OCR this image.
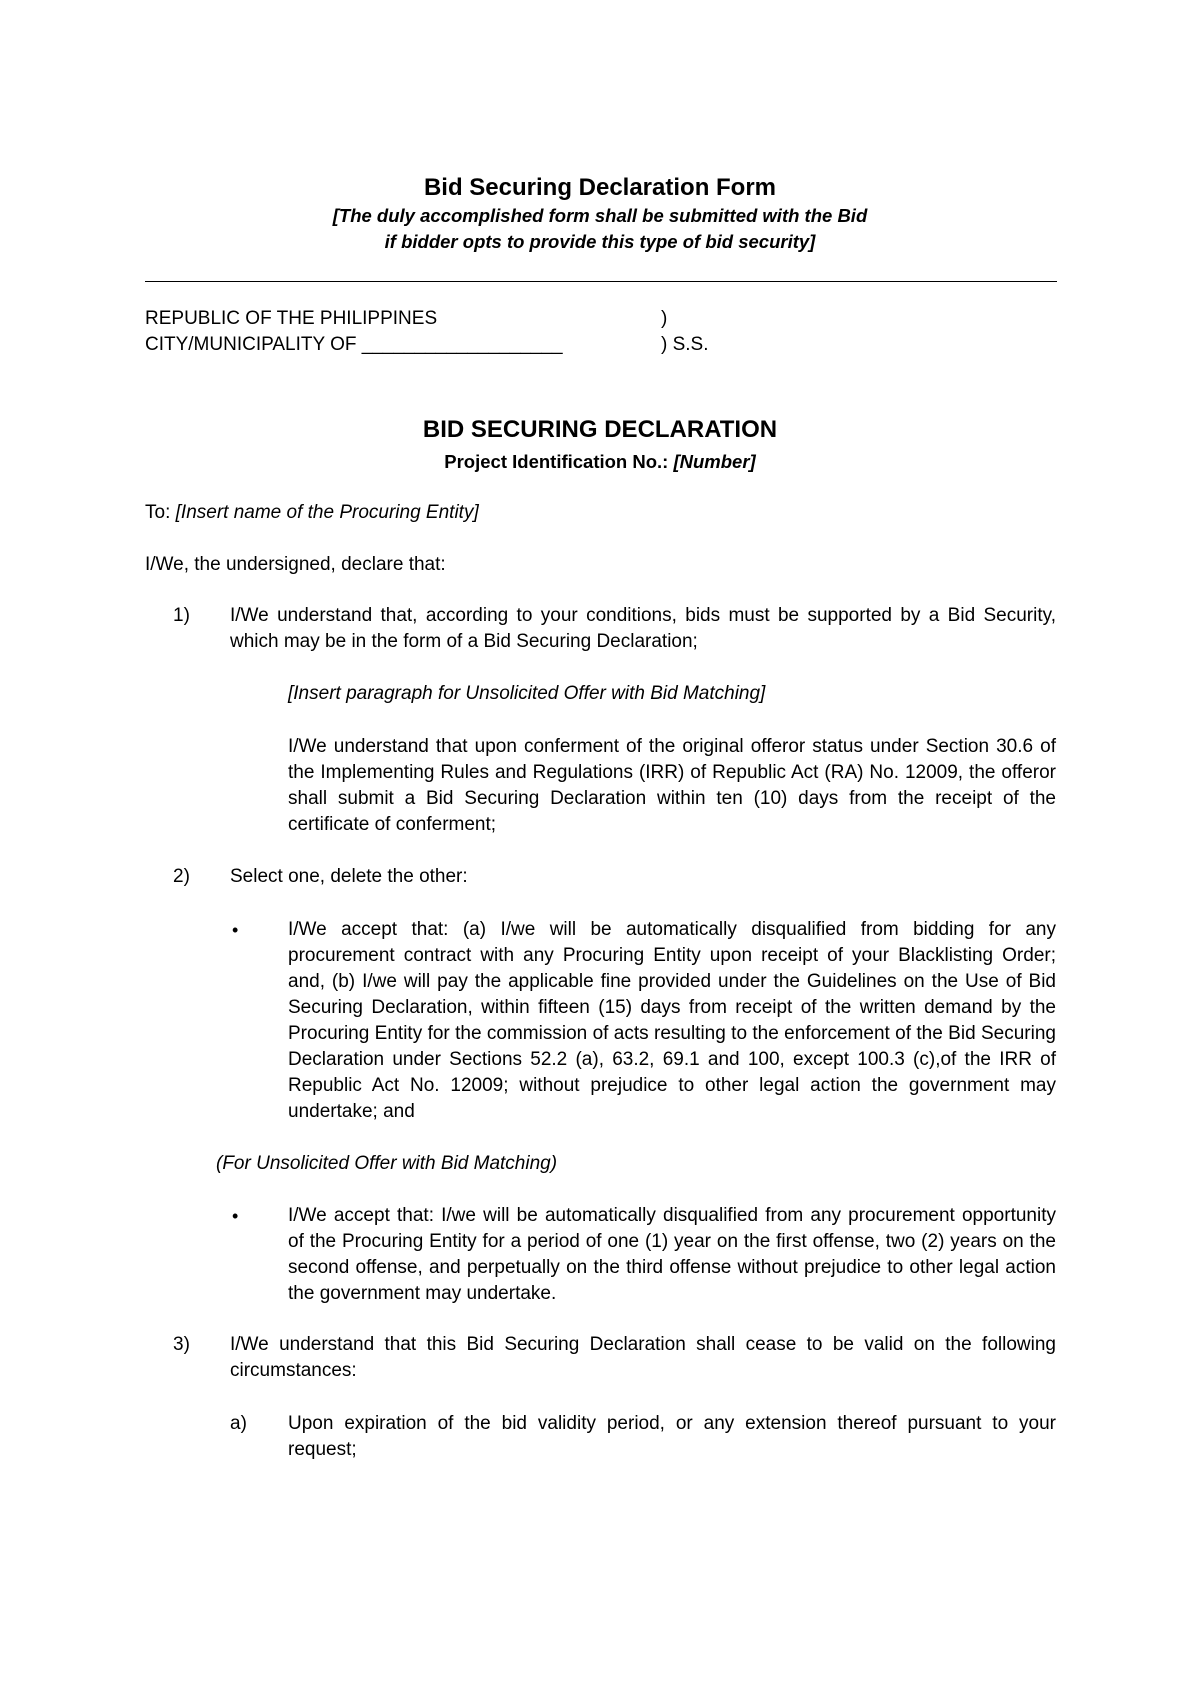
Bid Securing Declaration Form
[The duly accomplished form shall be submitted with the Bid
if bidder opts to provide this type of bid security]
REPUBLIC OF THE PHILIPPINES	)
CITY/MUNICIPALITY OF ___________________	) S.S.
BID SECURING DECLARATION
Project Identification No.: [Number]
To: [Insert name of the Procuring Entity]
I/We, the undersigned, declare that:
1) I/We understand that, according to your conditions, bids must be supported by a Bid Security, which may be in the form of a Bid Securing Declaration;
[Insert paragraph for Unsolicited Offer with Bid Matching]
I/We understand that upon conferment of the original offeror status under Section 30.6 of the Implementing Rules and Regulations (IRR) of Republic Act (RA) No. 12009, the offeror shall submit a Bid Securing Declaration within ten (10) days from the receipt of the certificate of conferment;
2) Select one, delete the other:
•	I/We accept that: (a) I/we will be automatically disqualified from bidding for any procurement contract with any Procuring Entity upon receipt of your Blacklisting Order; and, (b) I/we will pay the applicable fine provided under the Guidelines on the Use of Bid Securing Declaration, within fifteen (15) days from receipt of the written demand by the Procuring Entity for the commission of acts resulting to the enforcement of the Bid Securing Declaration under Sections 52.2 (a), 63.2, 69.1 and 100, except 100.3 (c),of the IRR of Republic Act No. 12009; without prejudice to other legal action the government may undertake; and
(For Unsolicited Offer with Bid Matching)
•	I/We accept that: I/we will be automatically disqualified from any procurement opportunity of the Procuring Entity for a period of one (1) year on the first offense, two (2) years on the second offense, and perpetually on the third offense without prejudice to other legal action the government may undertake.
3) I/We understand that this Bid Securing Declaration shall cease to be valid on the following circumstances:
a) Upon expiration of the bid validity period, or any extension thereof pursuant to your request;
